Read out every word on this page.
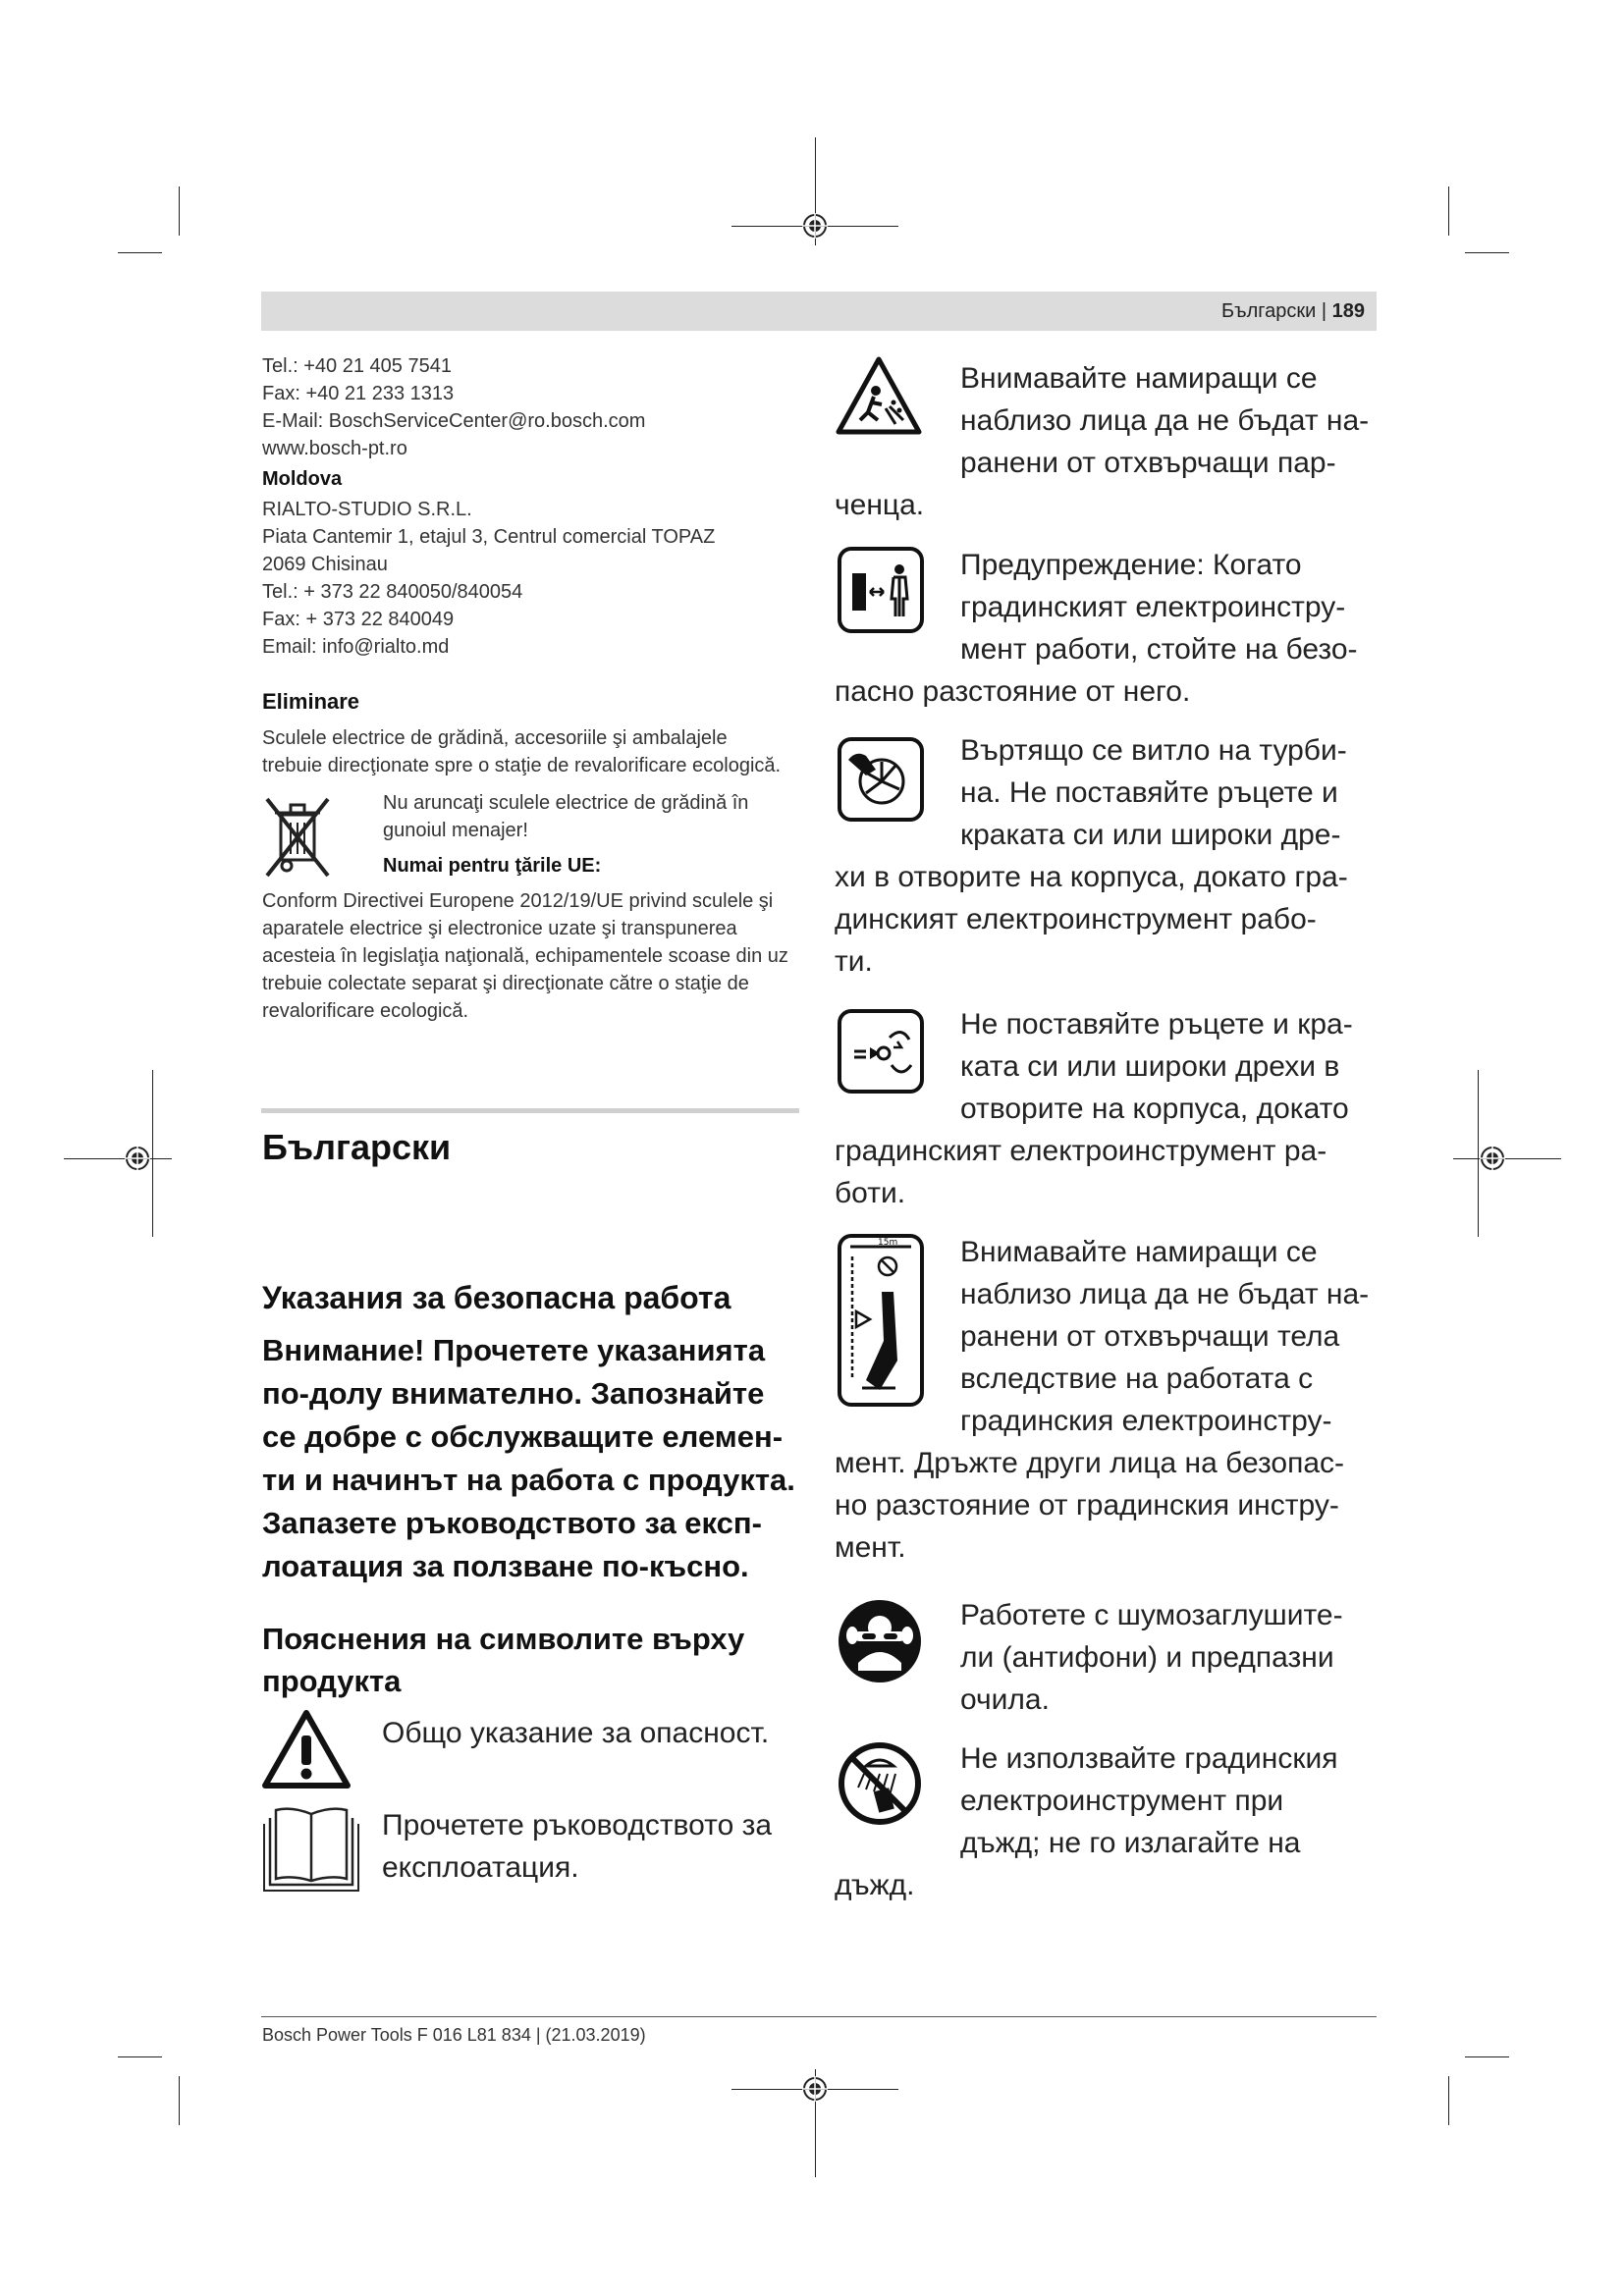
Български | 189
Tel.: +40 21 405 7541
Fax: +40 21 233 1313
E-Mail: BoschServiceCenter@ro.bosch.com
www.bosch-pt.ro
Moldova
RIALTO-STUDIO S.R.L.
Piata Cantemir 1, etajul 3, Centrul comercial TOPAZ
2069 Chisinau
Tel.: + 373 22 840050/840054
Fax: + 373 22 840049
Email: info@rialto.md
Eliminare
Sculele electrice de grădină, accesoriile şi ambalajele
trebuie direcţionate spre o staţie de revalorificare ecologică.
Nu aruncaţi sculele electrice de grădină în
gunoiul menajer!
Numai pentru ţările UE:
Conform Directivei Europene 2012/19/UE privind sculele şi
aparatele electrice şi electronice uzate şi transpunerea
acesteia în legislaţia naţională, echipamentele scoase din uz
trebuie colectate separat şi direcţionate către o staţie de
revalorificare ecologică.
Български
Указания за безопасна работа
Внимание! Прочетете указанията
по-долу внимателно. Запознайте
се добре с обслужващите елемен-
ти и начинът на работа с продукта.
Запазете ръководството за експ-
лоатация за ползване по-късно.
Пояснения на символите върху
продукта
Общо указание за опасност.
Прочетете ръководството за
експлоатация.
Внимавайте намиращи се
наблизо лица да не бъдат на-
ранени от отхвърчащи пар-
ченца.
Предупреждение: Когато
градинският електроинстру-
мент работи, стойте на безо-
пасно разстояние от него.
Въртящо се витло на турби-
на. Не поставяйте ръцете и
краката си или широки дре-
хи в отворите на корпуса, докато гра-
динският електроинструмент рабо-
ти.
Не поставяйте ръцете и кра-
ката си или широки дрехи в
отворите на корпуса, докато
градинският електроинструмент ра-
боти.
15m Внимавайте намиращи се
наблизо лица да не бъдат на-
ранени от отхвърчащи тела
вследствие на работата с
градинския електроинстру-
мент. Дръжте други лица на безопас-
но разстояние от градинския инстру-
мент.
Работете с шумозаглушите-
ли (антифони) и предпазни
очила.
Не използвайте градинския
електроинструмент при
дъжд; не го излагайте на
дъжд.
Bosch Power Tools F 016 L81 834 | (21.03.2019)
